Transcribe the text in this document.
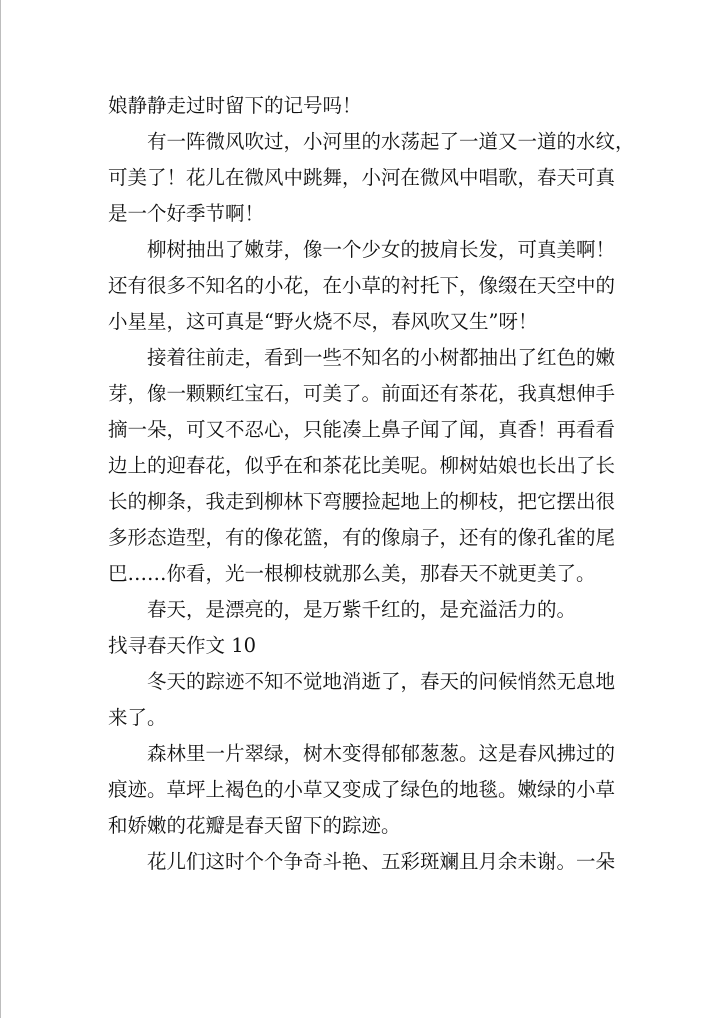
娘静静走过时留下的记号吗！

有一阵微风吹过，小河里的水荡起了一道又一道的水纹，

可美了！花儿在微风中跳舞，小河在微风中唱歌，春天可真

是一个好季节啊！

柳树抽出了嫩芽，像一个少女的披肩长发，可真美啊！

还有很多不知名的小花，在小草的衬托下，像缀在天空中的

小星星，这可真是“野火烧不尽，春风吹又生”呀！

接着往前走，看到一些不知名的小树都抽出了红色的嫩

芽，像一颗颗红宝石，可美了。前面还有茶花，我真想伸手

摘一朵，可又不忍心，只能凑上鼻子闻了闻，真香！再看看

边上的迎春花，似乎在和茶花比美呢。柳树姑娘也长出了长

长的柳条，我走到柳林下弯腰捡起地上的柳枝，把它摆出很

多形态造型，有的像花篮，有的像扇子，还有的像孔雀的尾

巴……你看，光一根柳枝就那么美，那春天不就更美了。

春天，是漂亮的，是万紫千红的，是充溢活力的。

找寻春天作文 10

冬天的踪迹不知不觉地消逝了，春天的问候悄然无息地

来了。

森林里一片翠绿，树木变得郁郁葱葱。这是春风拂过的

痕迹。草坪上褐色的小草又变成了绿色的地毯。嫩绿的小草

和娇嫩的花瓣是春天留下的踪迹。

花儿们这时个个争奇斗艳、五彩斑斓且月余未谢。一朵
